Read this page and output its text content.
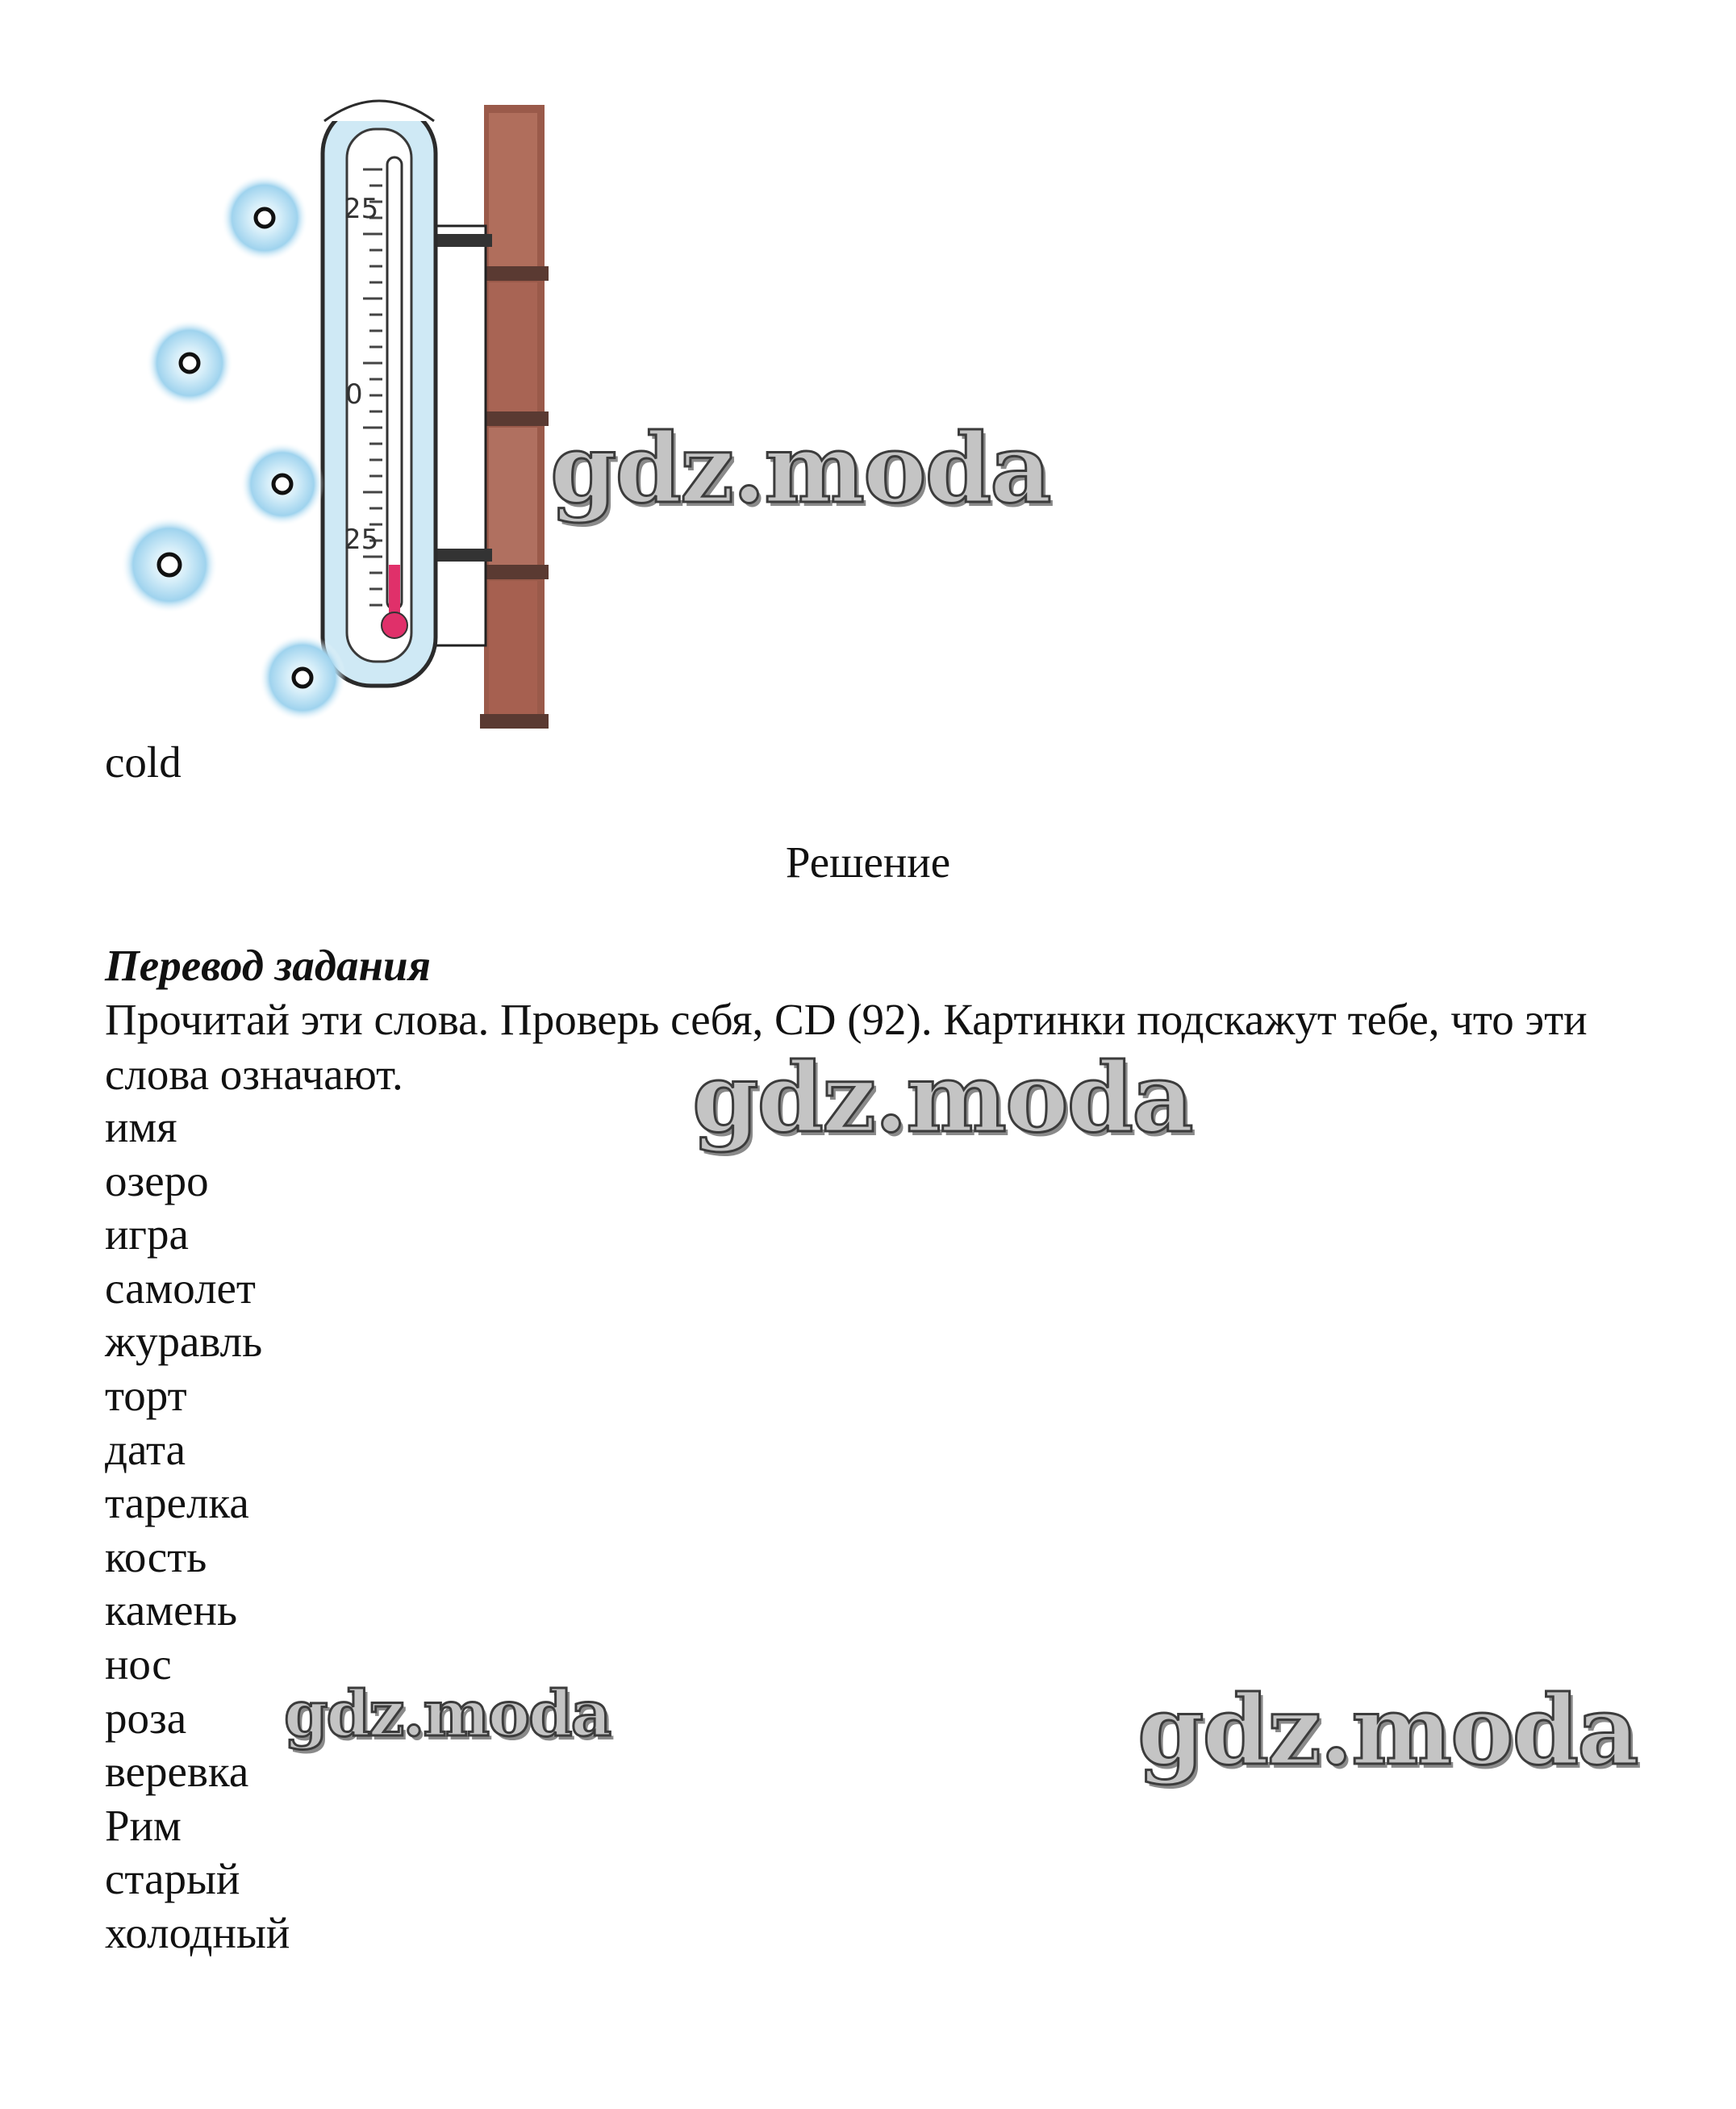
25
0
25

cold

Решение
Перевод задания

Прочитай эти слова. Проверь себя, CD (92). Картинки подскажут тебе, что эти слова означают.

имя
озеро
игра
самолет
журавль
торт
дата
тарелка
кость
камень
нос
роза
веревка
Рим
старый
холодный
gdz.moda
gdz.moda
gdz.moda	gdz.moda
